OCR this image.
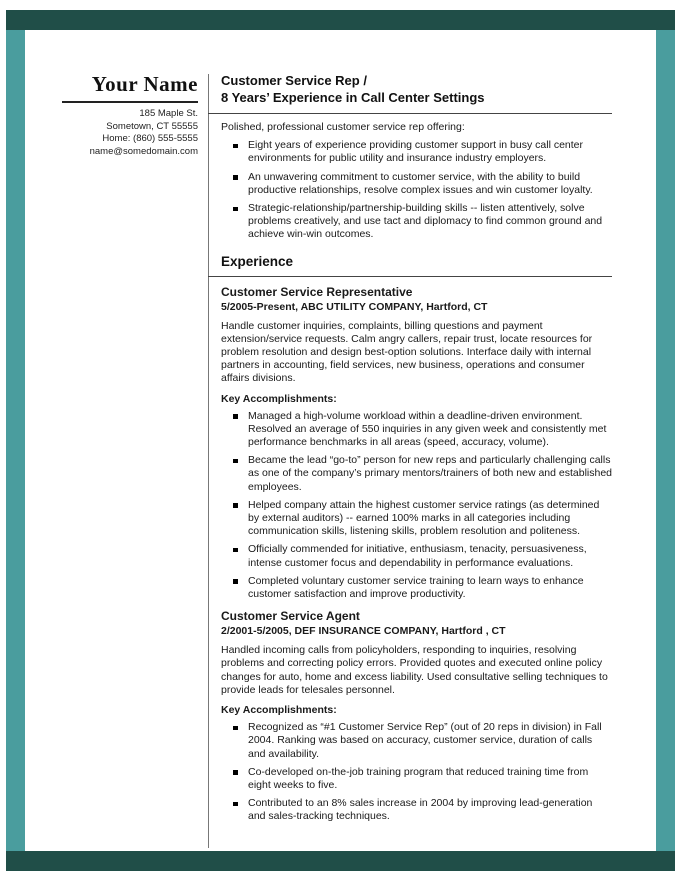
Your Name
185 Maple St.
Sometown, CT 55555
Home: (860) 555-5555
name@somedomain.com
Customer Service Rep /
8 Years’ Experience in Call Center Settings

Polished, professional customer service rep offering:

Eight years of experience providing customer support in busy call center environments for public utility and insurance industry employers.
An unwavering commitment to customer service, with the ability to build productive relationships, resolve complex issues and win customer loyalty.
Strategic-relationship/partnership-building skills -- listen attentively, solve problems creatively, and use tact and diplomacy to find common ground and achieve win-win outcomes.
Experience
Customer Service Representative
5/2005-Present, ABC UTILITY COMPANY, Hartford, CT

Handle customer inquiries, complaints, billing questions and payment extension/service requests. Calm angry callers, repair trust, locate resources for problem resolution and design best-option solutions. Interface daily with internal partners in accounting, field services, new business, operations and consumer affairs divisions.

Key Accomplishments:
Managed a high-volume workload within a deadline-driven environment. Resolved an average of 550 inquiries in any given week and consistently met performance benchmarks in all areas (speed, accuracy, volume).
Became the lead “go-to” person for new reps and particularly challenging calls as one of the company’s primary mentors/trainers of both new and established employees.
Helped company attain the highest customer service ratings (as determined by external auditors) -- earned 100% marks in all categories including communication skills, listening skills, problem resolution and politeness.
Officially commended for initiative, enthusiasm, tenacity, persuasiveness, intense customer focus and dependability in performance evaluations.
Completed voluntary customer service training to learn ways to enhance customer satisfaction and improve productivity.
Customer Service Agent
2/2001-5/2005, DEF INSURANCE COMPANY, Hartford , CT

Handled incoming calls from policyholders, responding to inquiries, resolving problems and correcting policy errors. Provided quotes and executed online policy changes for auto, home and excess liability. Used consultative selling techniques to provide leads for telesales personnel.

Key Accomplishments:
Recognized as “#1 Customer Service Rep” (out of 20 reps in division) in Fall 2004. Ranking was based on accuracy, customer service, duration of calls and availability.
Co-developed on-the-job training program that reduced training time from eight weeks to five.
Contributed to an 8% sales increase in 2004 by improving lead-generation and sales-tracking techniques.
